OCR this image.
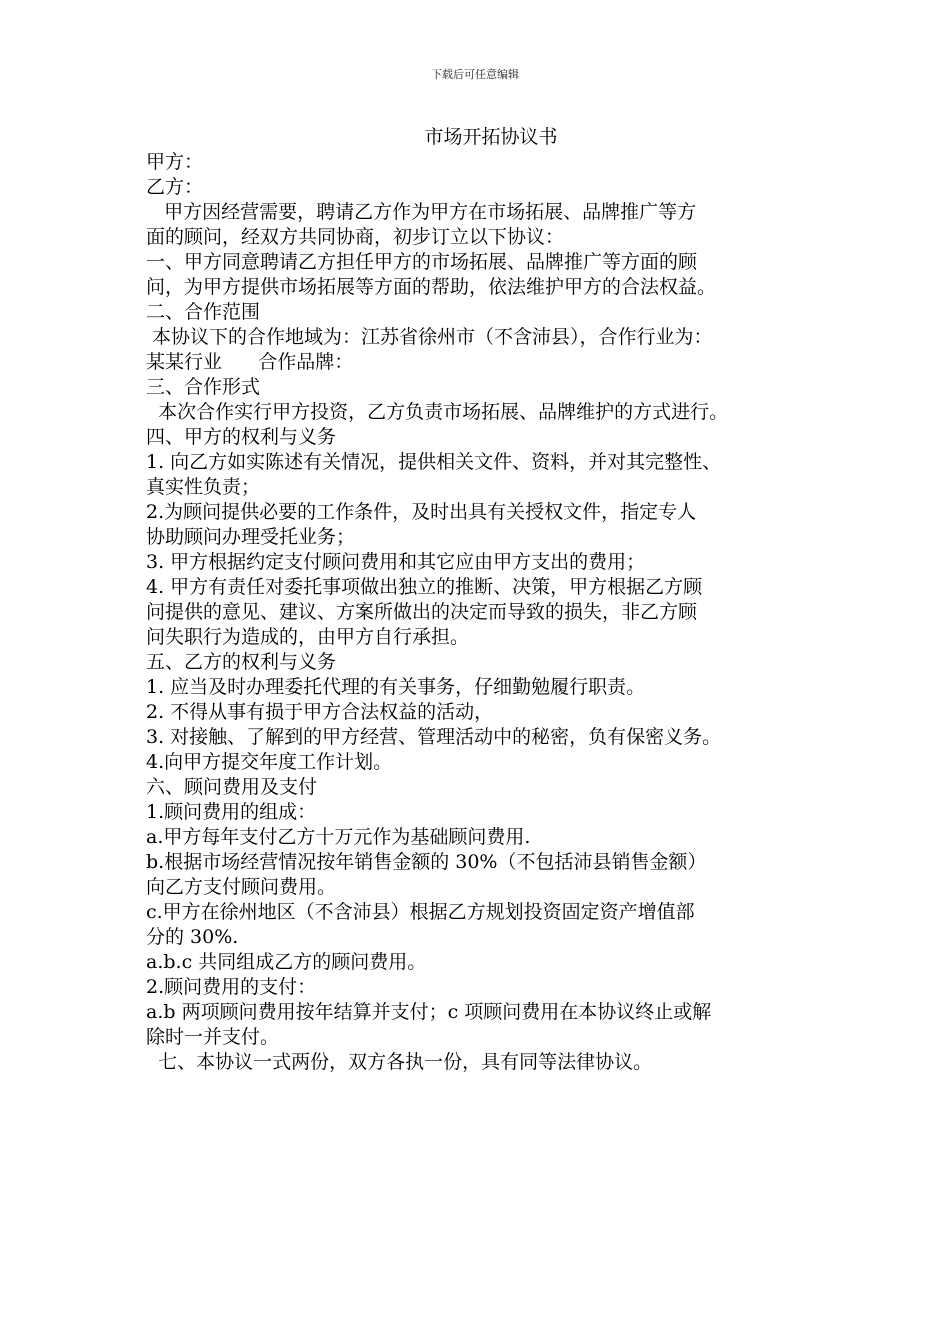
下载后可任意编辑
市场开拓协议书
甲方：
乙方：
甲方因经营需要，聘请乙方作为甲方在市场拓展、品牌推广等方
面的顾问，经双方共同协商，初步订立以下协议：
一、甲方同意聘请乙方担任甲方的市场拓展、品牌推广等方面的顾
问，为甲方提供市场拓展等方面的帮助，依法维护甲方的合法权益。
二、合作范围
本协议下的合作地域为：江苏省徐州市（不含沛县），合作行业为：
某某行业      合作品牌：
三、合作形式
本次合作实行甲方投资，乙方负责市场拓展、品牌维护的方式进行。
四、甲方的权利与义务
1. 向乙方如实陈述有关情况，提供相关文件、资料，并对其完整性、
真实性负责；
2.为顾问提供必要的工作条件，及时出具有关授权文件，指定专人
协助顾问办理受托业务；
3. 甲方根据约定支付顾问费用和其它应由甲方支出的费用；
4. 甲方有责任对委托事项做出独立的推断、决策，甲方根据乙方顾
问提供的意见、建议、方案所做出的决定而导致的损失，非乙方顾
问失职行为造成的，由甲方自行承担。
五、乙方的权利与义务
1. 应当及时办理委托代理的有关事务，仔细勤勉履行职责。
2. 不得从事有损于甲方合法权益的活动，
3. 对接触、了解到的甲方经营、管理活动中的秘密，负有保密义务。
4.向甲方提交年度工作计划。
六、顾问费用及支付
1.顾问费用的组成：
a.甲方每年支付乙方十万元作为基础顾问费用.
b.根据市场经营情况按年销售金额的 30%（不包括沛县销售金额）
向乙方支付顾问费用。
c.甲方在徐州地区（不含沛县）根据乙方规划投资固定资产增值部
分的 30%.
a.b.c 共同组成乙方的顾问费用。
2.顾问费用的支付：
a.b 两项顾问费用按年结算并支付；c 项顾问费用在本协议终止或解
除时一并支付。
七、本协议一式两份，双方各执一份，具有同等法律协议。
